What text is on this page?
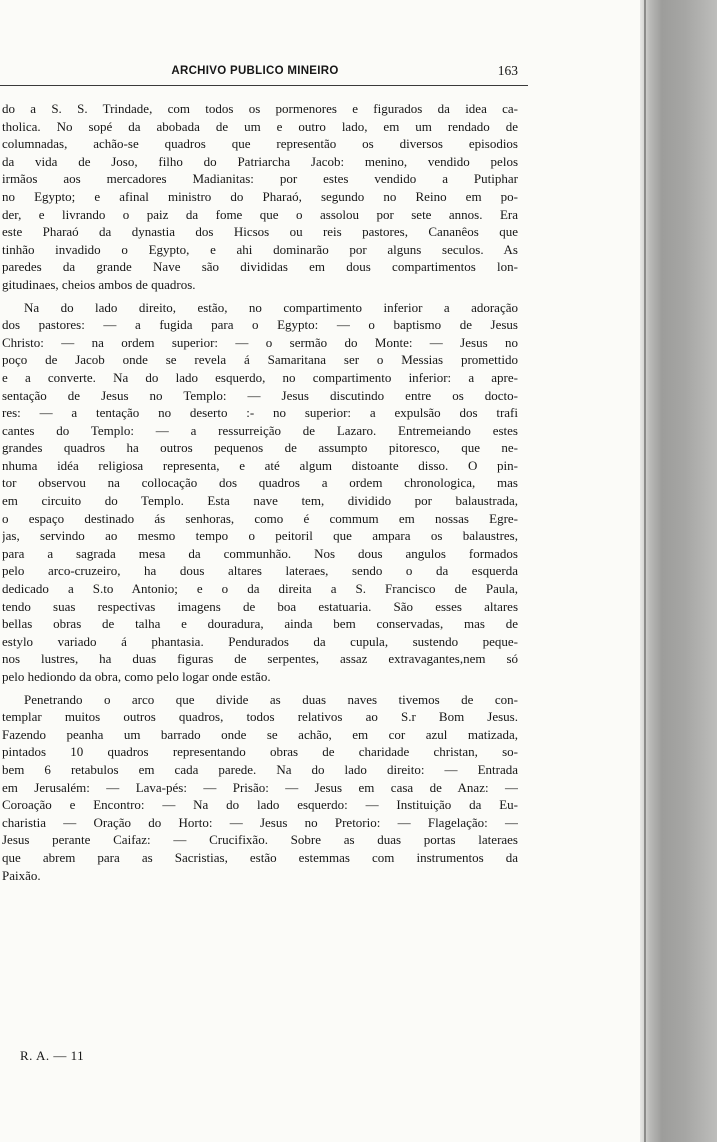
ARCHIVO PUBLICO MINEIRO	163
do a S. S. Trindade, com todos os pormenores e figurados da idea ca-
tholica. No sopé da abobada de um e outro lado, em um rendado de
columnadas, achão-se quadros que representão os diversos episodios
da vida de Joso, filho do Patriarcha Jacob: menino, vendido pelos
irmãos aos mercadores Madianitas: por estes vendido a Putiphar
no Egypto; e afinal ministro do Pharaó, segundo no Reino em po-
der, e livrando o paiz da fome que o assolou por sete annos. Era
este Pharaó da dynastia dos Hicsos ou reis pastores, Cananêos que
tinhão invadido o Egypto, e ahi dominarão por alguns seculos. As
paredes da grande Nave são divididas em dous compartimentos lon-
gitudinaes, cheios ambos de quadros.
Na do lado direito, estão, no compartimento inferior a adoração
dos pastores: — a fugida para o Egypto: — o baptismo de Jesus
Christo: — na ordem superior: — o sermão do Monte: — Jesus no
poço de Jacob onde se revela á Samaritana ser o Messias promettido
e a converte. Na do lado esquerdo, no compartimento inferior: a apre-
sentação de Jesus no Templo: — Jesus discutindo entre os docto-
res: — a tentação no deserto :- no superior: a expulsão dos trafi
cantes do Templo: — a ressurreição de Lazaro. Entremeiando estes
grandes quadros ha outros pequenos de assumpto pitoresco, que ne-
nhuma idéa religiosa representa, e até algum distoante disso. O pin-
tor observou na collocação dos quadros a ordem chronologica, mas
em circuito do Templo. Esta nave tem, dividido por balaustrada,
o espaço destinado ás senhoras, como é commum em nossas Egre-
jas, servindo ao mesmo tempo o peitoril que ampara os balaustres,
para a sagrada mesa da communhão. Nos dous angulos formados
pelo arco-cruzeiro, ha dous altares lateraes, sendo o da esquerda
dedicado a S.to Antonio; e o da direita a S. Francisco de Paula,
tendo suas respectivas imagens de boa estatuaria. São esses altares
bellas obras de talha e douradura, ainda bem conservadas, mas de
estylo variado á phantasia. Pendurados da cupula, sustendo peque-
nos lustres, ha duas figuras de serpentes, assaz extravagantes,nem só
pelo hediondo da obra, como pelo logar onde estão.
Penetrando o arco que divide as duas naves tivemos de con-
templar muitos outros quadros, todos relativos ao S.r Bom Jesus.
Fazendo peanha um barrado onde se achão, em cor azul matizada,
pintados 10 quadros representando obras de charidade christan, so-
bem 6 retabulos em cada parede. Na do lado direito: — Entrada
em Jerusalém: — Lava-pés: — Prisão: — Jesus em casa de Anaz: —
Coroação e Encontro: — Na do lado esquerdo: — Instituição da Eu-
charistia — Oração do Horto: — Jesus no Pretorio: — Flagelação: —
Jesus perante Caifaz: — Crucifixão. Sobre as duas portas lateraes
que abrem para as Sacristias, estão estemmas com instrumentos da
Paixão.
R. A. — 11
